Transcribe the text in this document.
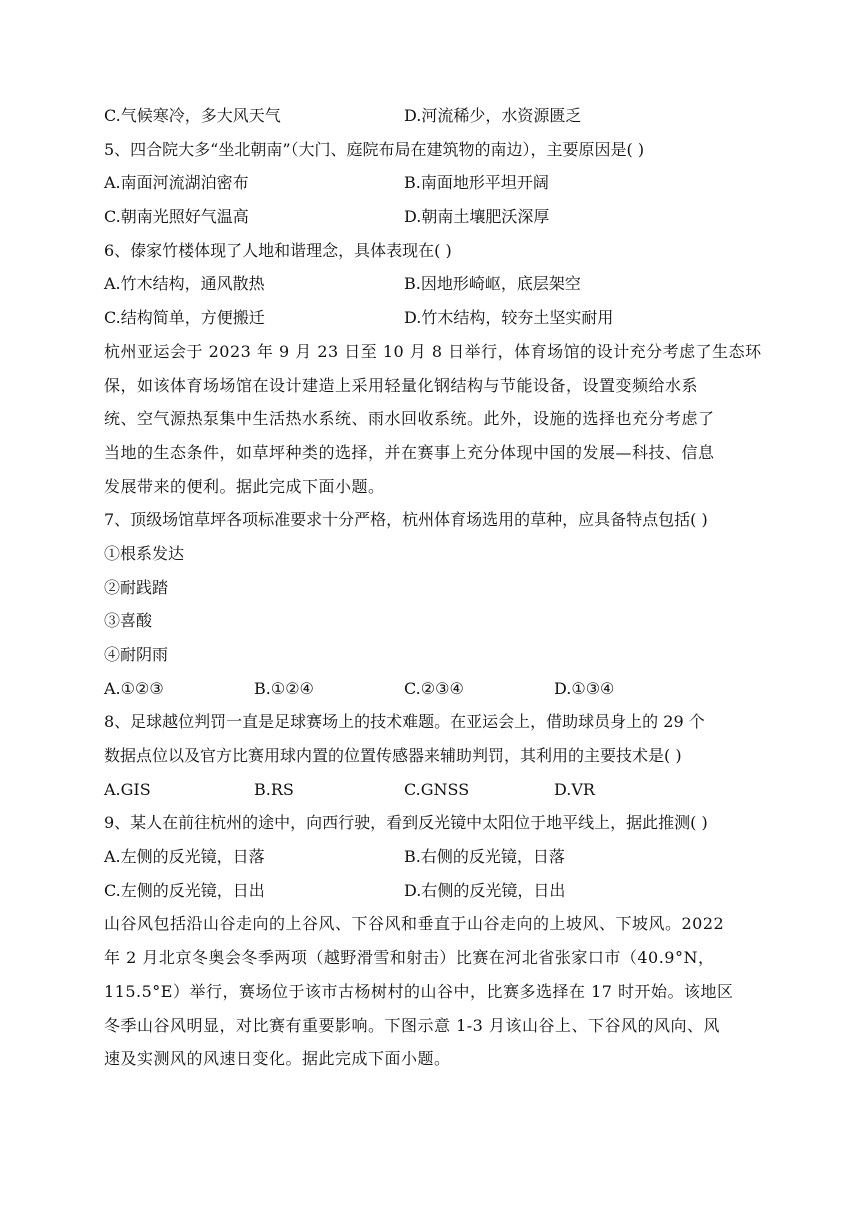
C.气候寒冷，多大风天气	D.河流稀少，水资源匮乏
5、四合院大多“坐北朝南”（大门、庭院布局在建筑物的南边），主要原因是( )
A.南面河流湖泊密布	B.南面地形平坦开阔
C.朝南光照好气温高	D.朝南土壤肥沃深厚
6、傣家竹楼体现了人地和谐理念，具体表现在( )
A.竹木结构，通风散热	B.因地形崎岖，底层架空
C.结构简单，方便搬迁	D.竹木结构，较夯土坚实耐用
杭州亚运会于 2023 年 9 月 23 日至 10 月 8 日举行，体育场馆的设计充分考虑了生态环
保，如该体育场场馆在设计建造上采用轻量化钢结构与节能设备，设置变频给水系
统、空气源热泵集中生活热水系统、雨水回收系统。此外，设施的选择也充分考虑了
当地的生态条件，如草坪种类的选择，并在赛事上充分体现中国的发展—科技、信息
发展带来的便利。据此完成下面小题。
7、顶级场馆草坪各项标准要求十分严格，杭州体育场选用的草种，应具备特点包括( )
①根系发达
②耐践踏
③喜酸
④耐阴雨
A.①②③	B.①②④	C.②③④	D.①③④
8、足球越位判罚一直是足球赛场上的技术难题。在亚运会上，借助球员身上的 29 个
数据点位以及官方比赛用球内置的位置传感器来辅助判罚，其利用的主要技术是( )
A.GIS	B.RS	C.GNSS	D.VR
9、某人在前往杭州的途中，向西行驶，看到反光镜中太阳位于地平线上，据此推测( )
A.左侧的反光镜，日落	B.右侧的反光镜，日落
C.左侧的反光镜，日出	D.右侧的反光镜，日出
山谷风包括沿山谷走向的上谷风、下谷风和垂直于山谷走向的上坡风、下坡风。2022
年 2 月北京冬奥会冬季两项（越野滑雪和射击）比赛在河北省张家口市（40.9°N，
115.5°E）举行，赛场位于该市古杨树村的山谷中，比赛多选择在 17 时开始。该地区
冬季山谷风明显，对比赛有重要影响。下图示意 1-3 月该山谷上、下谷风的风向、风
速及实测风的风速日变化。据此完成下面小题。
